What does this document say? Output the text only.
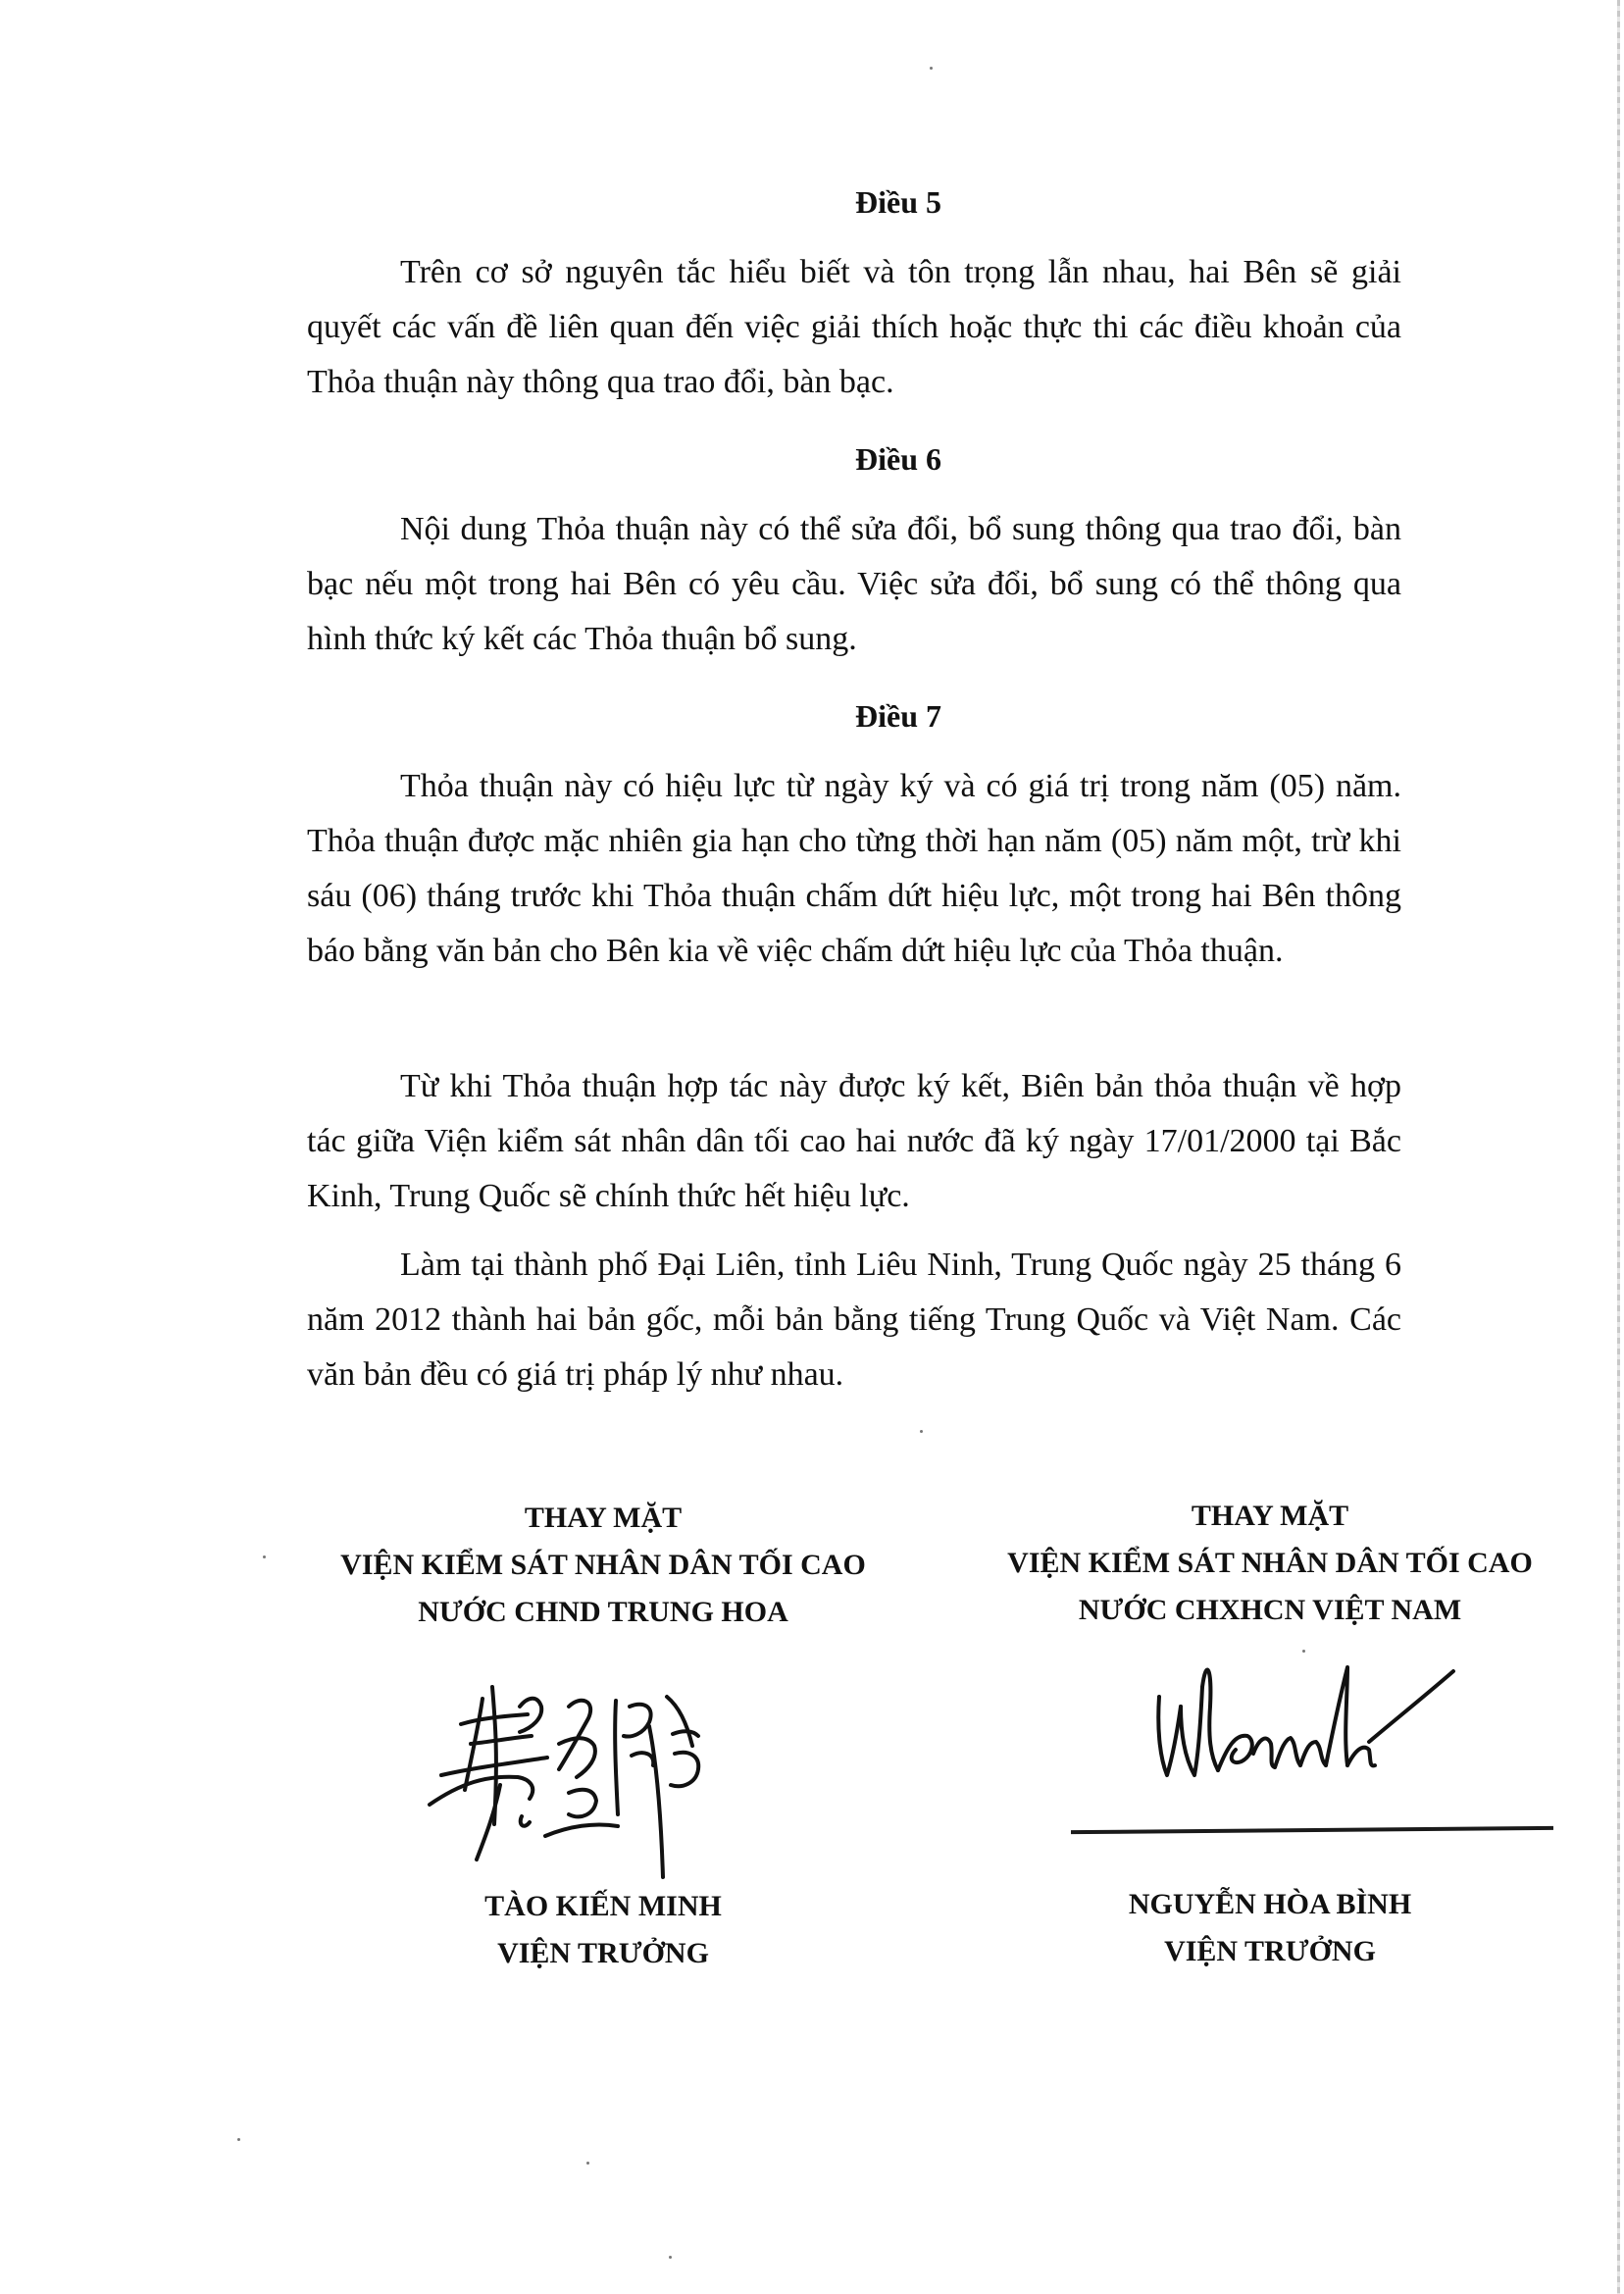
Điều 5
Trên cơ sở nguyên tắc hiểu biết và tôn trọng lẫn nhau, hai Bên sẽ giải quyết các vấn đề liên quan đến việc giải thích hoặc thực thi các điều khoản của Thỏa thuận này thông qua trao đổi, bàn bạc.
Điều 6
Nội dung Thỏa thuận này có thể sửa đổi, bổ sung thông qua trao đổi, bàn bạc nếu một trong hai Bên có yêu cầu. Việc sửa đổi, bổ sung có thể thông qua hình thức ký kết các Thỏa thuận bổ sung.
Điều 7
Thỏa thuận này có hiệu lực từ ngày ký và có giá trị trong năm (05) năm. Thỏa thuận được mặc nhiên gia hạn cho từng thời hạn năm (05) năm một, trừ khi sáu (06) tháng trước khi Thỏa thuận chấm dứt hiệu lực, một trong hai Bên thông báo bằng văn bản cho Bên kia về việc chấm dứt hiệu lực của Thỏa thuận.
Từ khi Thỏa thuận hợp tác này được ký kết, Biên bản thỏa thuận về hợp tác giữa Viện kiểm sát nhân dân tối cao hai nước đã ký ngày 17/01/2000 tại Bắc Kinh, Trung Quốc sẽ chính thức hết hiệu lực.
Làm tại thành phố Đại Liên, tỉnh Liêu Ninh, Trung Quốc ngày 25 tháng 6 năm 2012 thành hai bản gốc, mỗi bản bằng tiếng Trung Quốc và Việt Nam. Các văn bản đều có giá trị pháp lý như nhau.
THAY MẶT
VIỆN KIỂM SÁT NHÂN DÂN TỐI CAO
NƯỚC CHND TRUNG HOA
THAY MẶT
VIỆN KIỂM SÁT NHÂN DÂN TỐI CAO
NƯỚC CHXHCN VIỆT NAM
TÀO KIẾN MINH
VIỆN TRƯỞNG
NGUYỄN HÒA BÌNH
VIỆN TRƯỞNG
